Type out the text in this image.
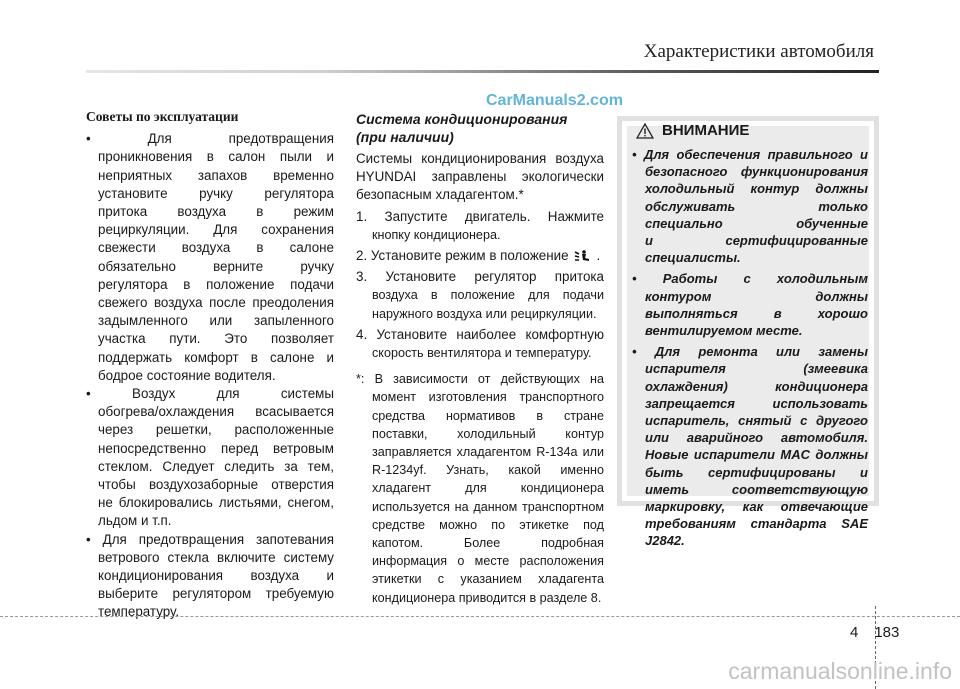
Характеристики автомобиля
CarManuals2.com
Советы по эксплуатации
• Для предотвращения
проникновения в салон пыли и
неприятных запахов временно
установите ручку регулятора
притока воздуха в режим
рециркуляции. Для сохранения
свежести воздуха в салоне
обязательно верните ручку
регулятора в положение подачи
свежего воздуха после преодоления
задымленного или запыленного
участка пути. Это позволяет
поддержать комфорт в салоне и
бодрое состояние водителя.
• Воздух для системы
обогрева/охлаждения всасывается
через решетки, расположенные
непосредственно перед ветровым
стеклом. Следует следить за тем,
чтобы воздухозаборные отверстия
не блокировались листьями, снегом,
льдом и т.п.
• Для предотвращения запотевания
ветрового стекла включите систему
кондиционирования воздуха и
выберите регулятором требуемую
температуру.
Система кондиционирования
(при наличии)
Системы кондиционирования воздуха
HYUNDAI заправлены экологически
безопасным хладагентом.*
1. Запустите двигатель. Нажмите
кнопку кондиционера.
2. Установите режим в положение .
3. Установите регулятор притока
воздуха в положение для подачи
наружного воздуха или рециркуляции.
4. Установите наиболее комфортную
скорость вентилятора и температуру.
*: В зависимости от действующих на
момент изготовления транспортного
средства нормативов в стране
поставки, холодильный контур
заправляется хладагентом R-134a или
R-1234yf. Узнать, какой именно
хладагент для кондиционера
используется на данном транспортном
средстве можно по этикетке под
капотом. Более подробная
информация о месте расположения
этикетки с указанием хладагента
кондиционера приводится в разделе 8.
ВНИМАНИЕ
• Для обеспечения правильного и
безопасного функционирования
холодильный контур должны
обслуживать только
специально обученные
и сертифицированные
специалисты.
• Работы с холодильным
контуром должны
выполняться в хорошо
вентилируемом месте.
• Для ремонта или замены
испарителя (змеевика
охлаждения) кондиционера
запрещается использовать
испаритель, снятый с другого
или аварийного автомобиля.
Новые испарители MAC должны
быть сертифицированы и
иметь соответствующую
маркировку, как отвечающие
требованиям стандарта SAE
J2842.
4 183
carmanualsonline.info
